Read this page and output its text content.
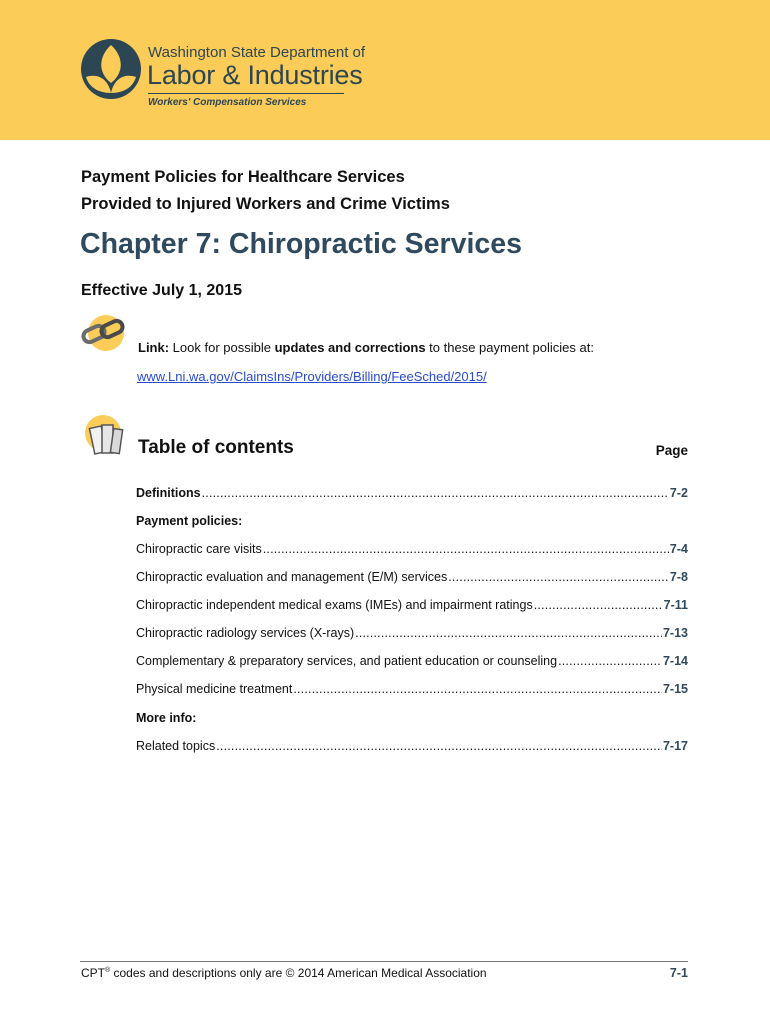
Washington State Department of
Labor & Industries
Workers' Compensation Services
Payment Policies for Healthcare Services
Provided to Injured Workers and Crime Victims
Chapter 7: Chiropractic Services
Effective July 1, 2015
Link: Look for possible updates and corrections to these payment policies at:
www.Lni.wa.gov/ClaimsIns/Providers/Billing/FeeSched/2015/
Table of contents	Page
Definitions .....	7-2
Payment policies:
Chiropractic care visits .....	7-4
Chiropractic evaluation and management (E/M) services .....	7-8
Chiropractic independent medical exams (IMEs) and impairment ratings .....	7-11
Chiropractic radiology services (X-rays) .....	7-13
Complementary & preparatory services, and patient education or counseling .....	7-14
Physical medicine treatment .....	7-15
More info:
Related topics .....	7-17
CPT® codes and descriptions only are © 2014 American Medical Association	7-1
